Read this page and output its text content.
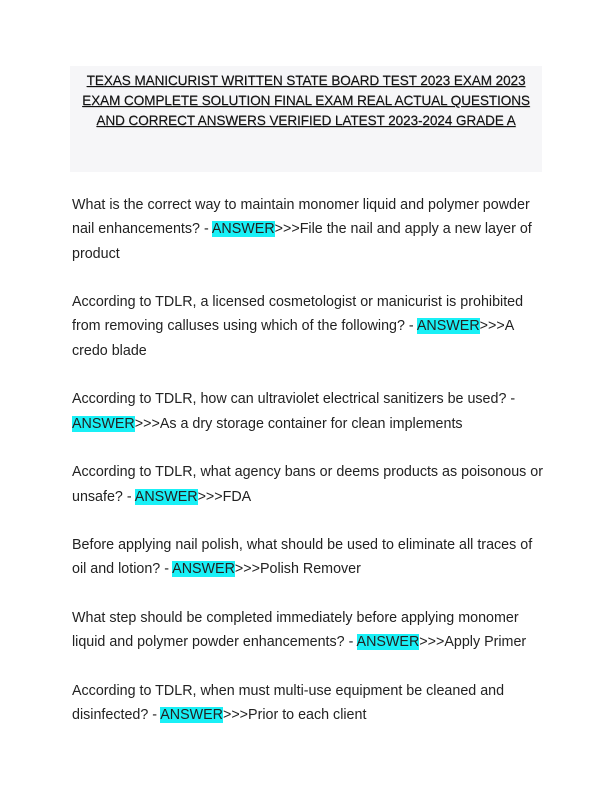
TEXAS MANICURIST WRITTEN STATE BOARD TEST 2023 EXAM 2023 EXAM COMPLETE SOLUTION FINAL EXAM REAL ACTUAL QUESTIONS AND CORRECT ANSWERS VERIFIED LATEST 2023-2024 GRADE A

What is the correct way to maintain monomer liquid and polymer powder nail enhancements? - ANSWER>>>File the nail and apply a new layer of product

According to TDLR, a licensed cosmetologist or manicurist is prohibited from removing calluses using which of the following? - ANSWER>>>A credo blade

According to TDLR, how can ultraviolet electrical sanitizers be used? - ANSWER>>>As a dry storage container for clean implements

According to TDLR, what agency bans or deems products as poisonous or unsafe? - ANSWER>>>FDA

Before applying nail polish, what should be used to eliminate all traces of oil and lotion? - ANSWER>>>Polish Remover

What step should be completed immediately before applying monomer liquid and polymer powder enhancements? - ANSWER>>>Apply Primer

According to TDLR, when must multi-use equipment be cleaned and disinfected? - ANSWER>>>Prior to each client
